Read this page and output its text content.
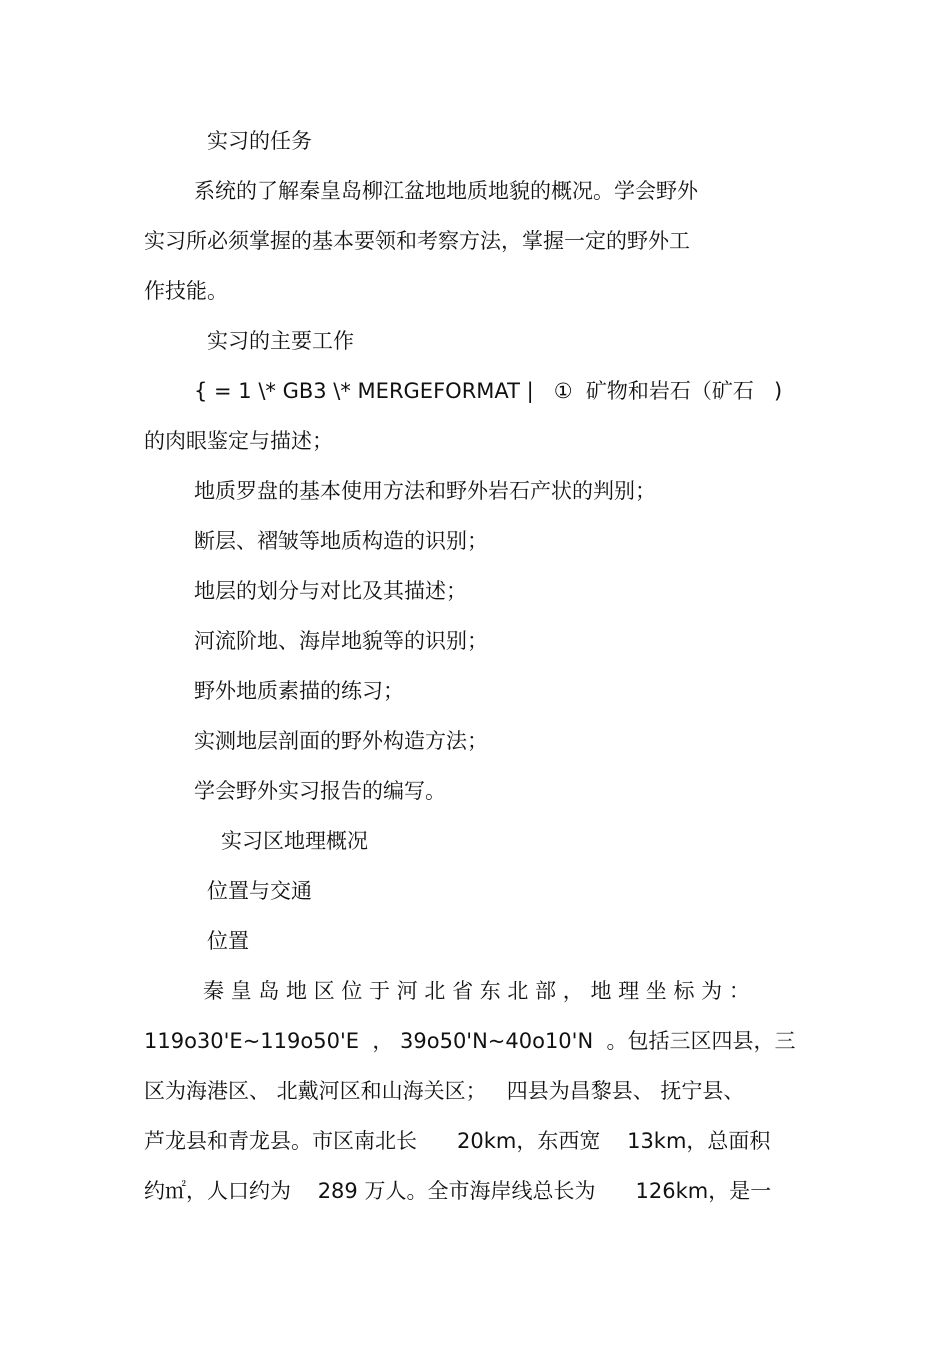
实习的任务
系统的了解秦皇岛柳江盆地地质地貌的概况。学会野外
实习所必须掌握的基本要领和考察方法，掌握一定的野外工
作技能。
实习的主要工作
{ = 1 \* GB3 \* MERGEFORMAT |   ①  矿物和岩石（矿石   )
的肉眼鉴定与描述；
地质罗盘的基本使用方法和野外岩石产状的判别；
断层、褶皱等地质构造的识别；
地层的划分与对比及其描述；
河流阶地、海岸地貌等的识别；
野外地质素描的练习；
实测地层剖面的野外构造方法；
学会野外实习报告的编写。
实习区地理概况
位置与交通
位置
秦 皇 岛 地 区 位 于 河 北 省 东 北 部 ， 地 理 坐 标 为 ：
119o30'E~119o50'E  ， 39o50'N~40o10'N  。包括三区四县，三
区为海港区、 北戴河区和山海关区；   四县为昌黎县、 抚宁县、
芦龙县和青龙县。市区南北长      20km，东西宽    13km，总面积
约㎡，人口约为    289 万人。全市海岸线总长为      126km，是一
